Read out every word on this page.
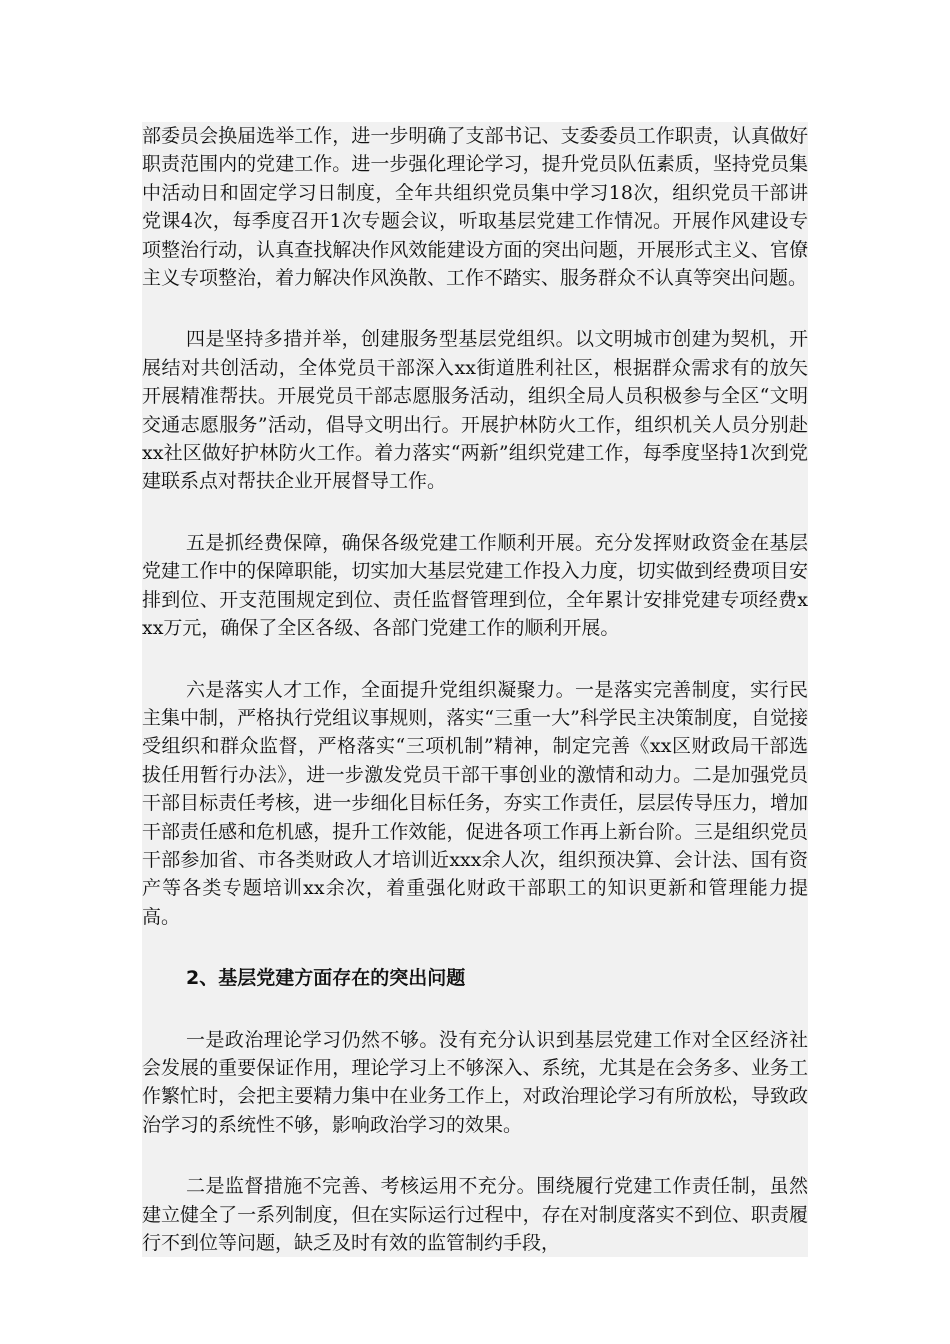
部委员会换届选举工作，进一步明确了支部书记、支委委员工作职责，认真做好职责范围内的党建工作。进一步强化理论学习，提升党员队伍素质，坚持党员集中活动日和固定学习日制度，全年共组织党员集中学习18次，组织党员干部讲党课4次，每季度召开1次专题会议，听取基层党建工作情况。开展作风建设专项整治行动，认真查找解决作风效能建设方面的突出问题，开展形式主义、官僚主义专项整治，着力解决作风涣散、工作不踏实、服务群众不认真等突出问题。

四是坚持多措并举，创建服务型基层党组织。以文明城市创建为契机，开展结对共创活动，全体党员干部深入xx街道胜利社区，根据群众需求有的放矢开展精准帮扶。开展党员干部志愿服务活动，组织全局人员积极参与全区“文明交通志愿服务”活动，倡导文明出行。开展护林防火工作，组织机关人员分别赴xx社区做好护林防火工作。着力落实“两新”组织党建工作，每季度坚持1次到党建联系点对帮扶企业开展督导工作。

五是抓经费保障，确保各级党建工作顺利开展。充分发挥财政资金在基层党建工作中的保障职能，切实加大基层党建工作投入力度，切实做到经费项目安排到位、开支范围规定到位、责任监督管理到位，全年累计安排党建专项经费xxx万元，确保了全区各级、各部门党建工作的顺利开展。

六是落实人才工作，全面提升党组织凝聚力。一是落实完善制度，实行民主集中制，严格执行党组议事规则，落实“三重一大”科学民主决策制度，自觉接受组织和群众监督，严格落实“三项机制”精神，制定完善《xx区财政局干部选拔任用暂行办法》，进一步激发党员干部干事创业的激情和动力。二是加强党员干部目标责任考核，进一步细化目标任务，夯实工作责任，层层传导压力，增加干部责任感和危机感，提升工作效能，促进各项工作再上新台阶。三是组织党员干部参加省、市各类财政人才培训近xxx余人次，组织预决算、会计法、国有资产等各类专题培训xx余次，着重强化财政干部职工的知识更新和管理能力提高。

2、基层党建方面存在的突出问题

一是政治理论学习仍然不够。没有充分认识到基层党建工作对全区经济社会发展的重要保证作用，理论学习上不够深入、系统，尤其是在会务多、业务工作繁忙时，会把主要精力集中在业务工作上，对政治理论学习有所放松，导致政治学习的系统性不够，影响政治学习的效果。

二是监督措施不完善、考核运用不充分。围绕履行党建工作责任制，虽然建立健全了一系列制度，但在实际运行过程中，存在对制度落实不到位、职责履行不到位等问题，缺乏及时有效的监管制约手段，
